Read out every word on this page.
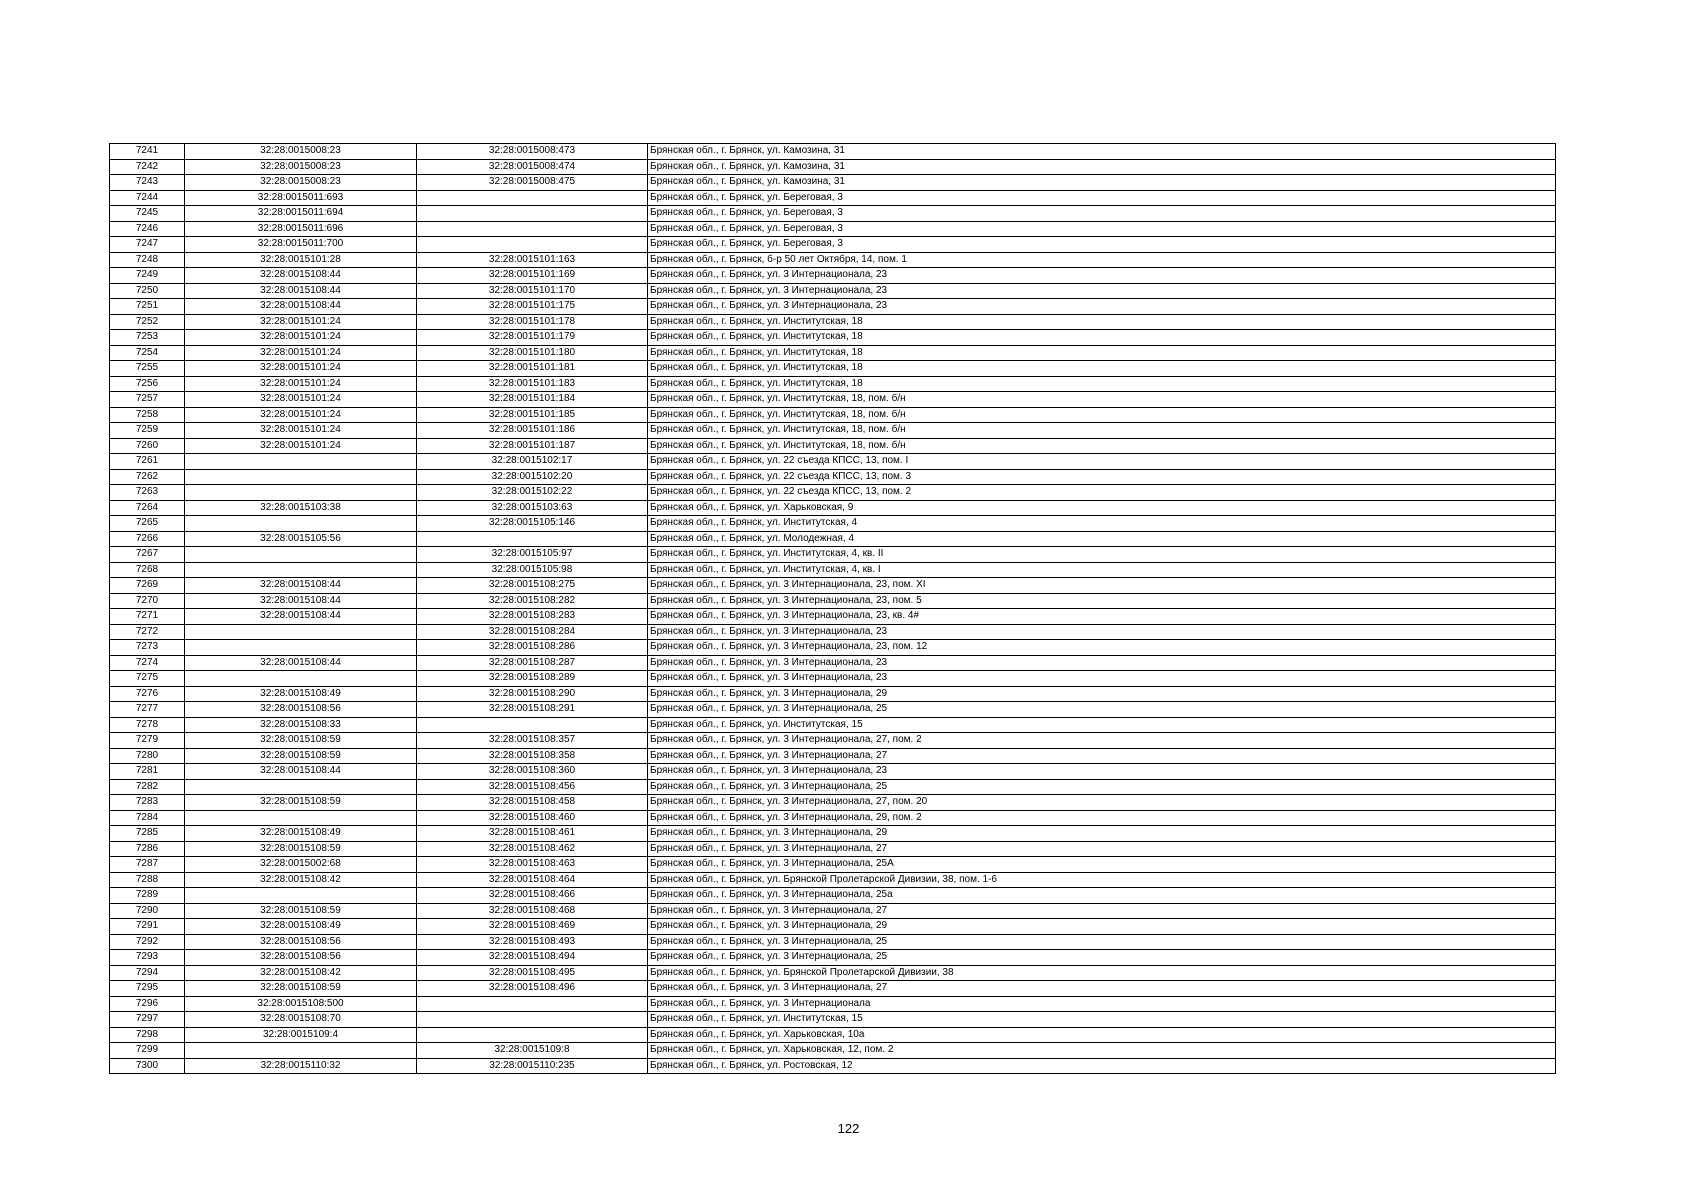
7241	32:28:0015008:23	32:28:0015008:473	Брянская обл., г. Брянск, ул. Камозина, 31
7242	32:28:0015008:23	32:28:0015008:474	Брянская обл., г. Брянск, ул. Камозина, 31
7243	32:28:0015008:23	32:28:0015008:475	Брянская обл., г. Брянск, ул. Камозина, 31
7244	32:28:0015011:693		Брянская обл., г. Брянск, ул. Береговая, 3
7245	32:28:0015011:694		Брянская обл., г. Брянск, ул. Береговая, 3
7246	32:28:0015011:696		Брянская обл., г. Брянск, ул. Береговая, 3
7247	32:28:0015011:700		Брянская обл., г. Брянск, ул. Береговая, 3
7248	32:28:0015101:28	32:28:0015101:163	Брянская обл., г. Брянск, б-р 50 лет Октября, 14, пом. 1
7249	32:28:0015108:44	32:28:0015101:169	Брянская обл., г. Брянск, ул. 3 Интернационала, 23
7250	32:28:0015108:44	32:28:0015101:170	Брянская обл., г. Брянск, ул. 3 Интернационала, 23
7251	32:28:0015108:44	32:28:0015101:175	Брянская обл., г. Брянск, ул. 3 Интернационала, 23
7252	32:28:0015101:24	32:28:0015101:178	Брянская обл., г. Брянск, ул. Институтская, 18
7253	32:28:0015101:24	32:28:0015101:179	Брянская обл., г. Брянск, ул. Институтская, 18
7254	32:28:0015101:24	32:28:0015101:180	Брянская обл., г. Брянск, ул. Институтская, 18
7255	32:28:0015101:24	32:28:0015101:181	Брянская обл., г. Брянск, ул. Институтская, 18
7256	32:28:0015101:24	32:28:0015101:183	Брянская обл., г. Брянск, ул. Институтская, 18
7257	32:28:0015101:24	32:28:0015101:184	Брянская обл., г. Брянск, ул. Институтская, 18, пом. б/н
7258	32:28:0015101:24	32:28:0015101:185	Брянская обл., г. Брянск, ул. Институтская, 18, пом. б/н
7259	32:28:0015101:24	32:28:0015101:186	Брянская обл., г. Брянск, ул. Институтская, 18, пом. б/н
7260	32:28:0015101:24	32:28:0015101:187	Брянская обл., г. Брянск, ул. Институтская, 18, пом. б/н
7261		32:28:0015102:17	Брянская обл., г. Брянск, ул. 22 съезда КПСС, 13, пом. I
7262		32:28:0015102:20	Брянская обл., г. Брянск, ул. 22 съезда КПСС, 13, пом. 3
7263		32:28:0015102:22	Брянская обл., г. Брянск, ул. 22 съезда КПСС, 13, пом. 2
7264	32:28:0015103:38	32:28:0015103:63	Брянская обл., г. Брянск, ул. Харьковская, 9
7265		32:28:0015105:146	Брянская обл., г. Брянск, ул. Институтская, 4
7266	32:28:0015105:56		Брянская обл., г. Брянск, ул. Молодежная, 4
7267		32:28:0015105:97	Брянская обл., г. Брянск, ул. Институтская, 4, кв. II
7268		32:28:0015105:98	Брянская обл., г. Брянск, ул. Институтская, 4, кв. I
7269	32:28:0015108:44	32:28:0015108:275	Брянская обл., г. Брянск, ул. 3 Интернационала, 23, пом. XI
7270	32:28:0015108:44	32:28:0015108:282	Брянская обл., г. Брянск, ул. 3 Интернационала, 23, пом. 5
7271	32:28:0015108:44	32:28:0015108:283	Брянская обл., г. Брянск, ул. 3 Интернационала, 23, кв. 4#
7272		32:28:0015108:284	Брянская обл., г. Брянск, ул. 3 Интернационала, 23
7273		32:28:0015108:286	Брянская обл., г. Брянск, ул. 3 Интернационала, 23, пом. 12
7274	32:28:0015108:44	32:28:0015108:287	Брянская обл., г. Брянск, ул. 3 Интернационала, 23
7275		32:28:0015108:289	Брянская обл., г. Брянск, ул. 3 Интернационала, 23
7276	32:28:0015108:49	32:28:0015108:290	Брянская обл., г. Брянск, ул. 3 Интернационала, 29
7277	32:28:0015108:56	32:28:0015108:291	Брянская обл., г. Брянск, ул. 3 Интернационала, 25
7278	32:28:0015108:33		Брянская обл., г. Брянск, ул. Институтская, 15
7279	32:28:0015108:59	32:28:0015108:357	Брянская обл., г. Брянск, ул. 3 Интернационала, 27, пом. 2
7280	32:28:0015108:59	32:28:0015108:358	Брянская обл., г. Брянск, ул. 3 Интернационала, 27
7281	32:28:0015108:44	32:28:0015108:360	Брянская обл., г. Брянск, ул. 3 Интернационала, 23
7282		32:28:0015108:456	Брянская обл., г. Брянск, ул. 3 Интернационала, 25
7283	32:28:0015108:59	32:28:0015108:458	Брянская обл., г. Брянск, ул. 3 Интернационала, 27, пом. 20
7284		32:28:0015108:460	Брянская обл., г. Брянск, ул. 3 Интернационала, 29, пом. 2
7285	32:28:0015108:49	32:28:0015108:461	Брянская обл., г. Брянск, ул. 3 Интернационала, 29
7286	32:28:0015108:59	32:28:0015108:462	Брянская обл., г. Брянск, ул. 3 Интернационала, 27
7287	32:28:0015002:68	32:28:0015108:463	Брянская обл., г. Брянск, ул. 3 Интернационала, 25А
7288	32:28:0015108:42	32:28:0015108:464	Брянская обл., г. Брянск, ул. Брянской Пролетарской Дивизии, 38, пом. 1-6
7289		32:28:0015108:466	Брянская обл., г. Брянск, ул. 3 Интернационала, 25а
7290	32:28:0015108:59	32:28:0015108:468	Брянская обл., г. Брянск, ул. 3 Интернационала, 27
7291	32:28:0015108:49	32:28:0015108:469	Брянская обл., г. Брянск, ул. 3 Интернационала, 29
7292	32:28:0015108:56	32:28:0015108:493	Брянская обл., г. Брянск, ул. 3 Интернационала, 25
7293	32:28:0015108:56	32:28:0015108:494	Брянская обл., г. Брянск, ул. 3 Интернационала, 25
7294	32:28:0015108:42	32:28:0015108:495	Брянская обл., г. Брянск, ул. Брянской Пролетарской Дивизии, 38
7295	32:28:0015108:59	32:28:0015108:496	Брянская обл., г. Брянск, ул. 3 Интернационала, 27
7296	32:28:0015108:500		Брянская обл., г. Брянск, ул. 3 Интернационала
7297	32:28:0015108:70		Брянская обл., г. Брянск, ул. Институтская, 15
7298	32:28:0015109:4		Брянская обл., г. Брянск, ул. Харьковская, 10а
7299		32:28:0015109:8	Брянская обл., г. Брянск, ул. Харьковская, 12, пом. 2
7300	32:28:0015110:32	32:28:0015110:235	Брянская обл., г. Брянск, ул. Ростовская, 12
122
